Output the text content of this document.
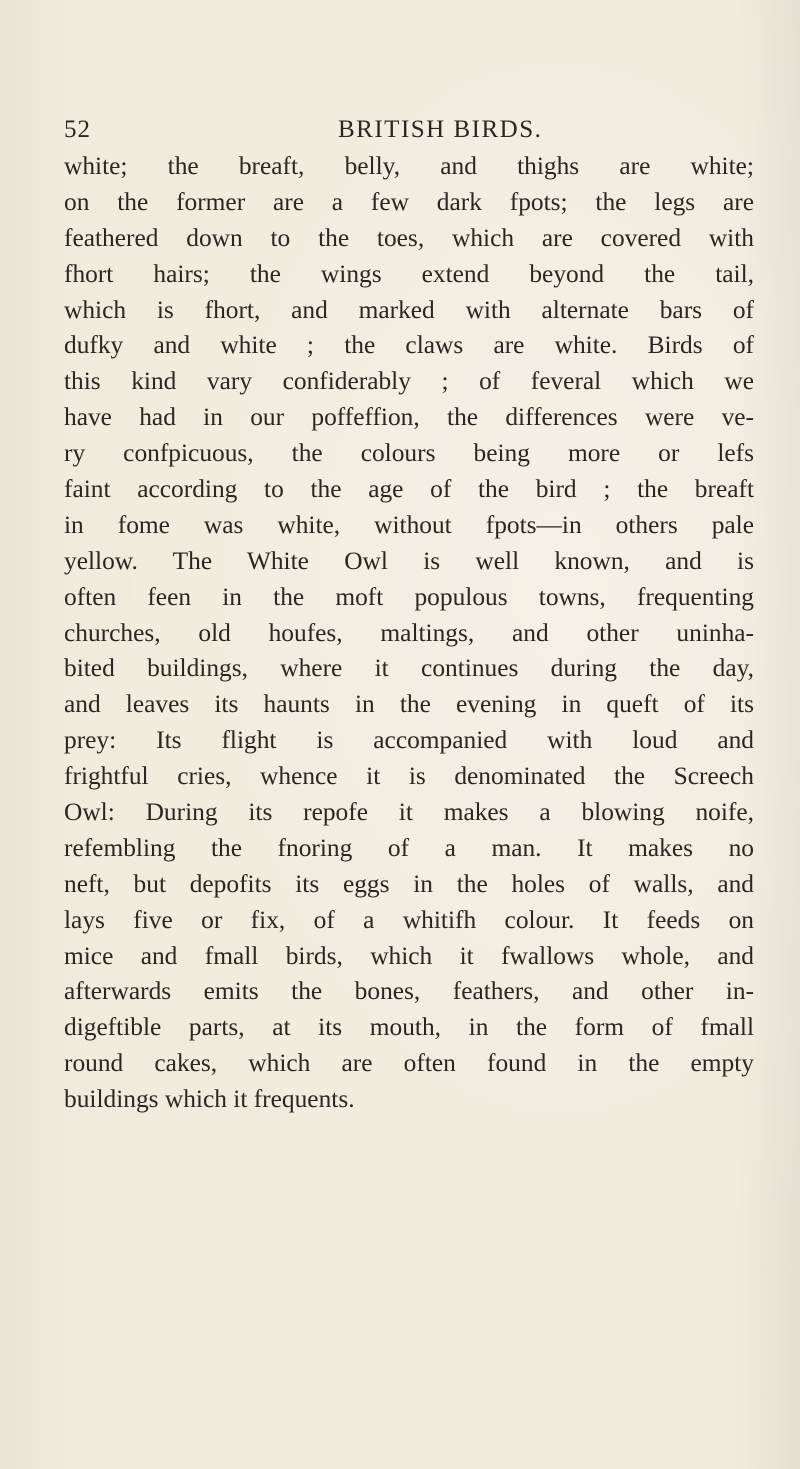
52	BRITISH BIRDS.
white; the breaft, belly, and thighs are white;
on the former are a few dark fpots; the legs are
feathered down to the toes, which are covered with
fhort hairs; the wings extend beyond the tail,
which is fhort, and marked with alternate bars of
dufky and white ; the claws are white. Birds of
this kind vary confiderably ; of feveral which we
have had in our poffeffion, the differences were ve-
ry confpicuous, the colours being more or lefs
faint according to the age of the bird ; the breaft
in fome was white, without fpots—in others pale
yellow. The White Owl is well known, and is
often feen in the moft populous towns, frequenting
churches, old houfes, maltings, and other uninha-
bited buildings, where it continues during the day,
and leaves its haunts in the evening in queft of its
prey: Its flight is accompanied with loud and
frightful cries, whence it is denominated the Screech
Owl: During its repofe it makes a blowing noife,
refembling the fnoring of a man. It makes no
neft, but depofits its eggs in the holes of walls, and
lays five or fix, of a whitifh colour. It feeds on
mice and fmall birds, which it fwallows whole, and
afterwards emits the bones, feathers, and other in-
digeftible parts, at its mouth, in the form of fmall
round cakes, which are often found in the empty
buildings which it frequents.
